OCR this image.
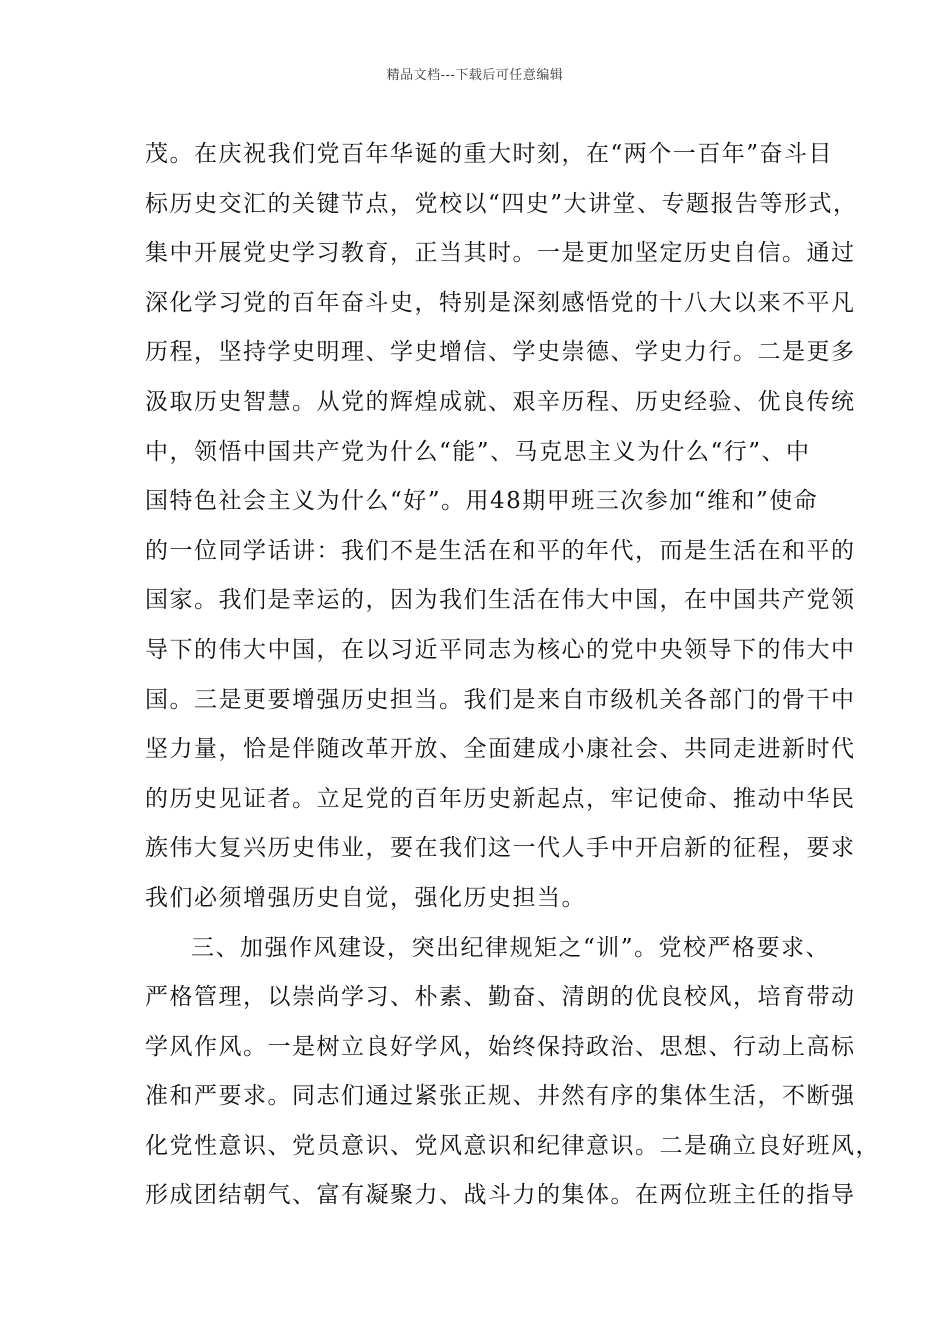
精品文档---下载后可任意编辑
茂。在庆祝我们党百年华诞的重大时刻，在“两个一百年”奋斗目
标历史交汇的关键节点，党校以“四史”大讲堂、专题报告等形式，
集中开展党史学习教育，正当其时。一是更加坚定历史自信。通过
深化学习党的百年奋斗史，特别是深刻感悟党的十八大以来不平凡
历程，坚持学史明理、学史增信、学史崇德、学史力行。二是更多
汲取历史智慧。从党的辉煌成就、艰辛历程、历史经验、优良传统
中，领悟中国共产党为什么“能”、马克思主义为什么“行”、中
国特色社会主义为什么“好”。用48期甲班三次参加“维和”使命
的一位同学话讲：我们不是生活在和平的年代，而是生活在和平的
国家。我们是幸运的，因为我们生活在伟大中国，在中国共产党领
导下的伟大中国，在以习近平同志为核心的党中央领导下的伟大中
国。三是更要增强历史担当。我们是来自市级机关各部门的骨干中
坚力量，恰是伴随改革开放、全面建成小康社会、共同走进新时代
的历史见证者。立足党的百年历史新起点，牢记使命、推动中华民
族伟大复兴历史伟业，要在我们这一代人手中开启新的征程，要求
我们必须增强历史自觉，强化历史担当。
三、加强作风建设，突出纪律规矩之“训”。党校严格要求、
严格管理，以崇尚学习、朴素、勤奋、清朗的优良校风，培育带动
学风作风。一是树立良好学风，始终保持政治、思想、行动上高标
准和严要求。同志们通过紧张正规、井然有序的集体生活，不断强
化党性意识、党员意识、党风意识和纪律意识。二是确立良好班风，
形成团结朝气、富有凝聚力、战斗力的集体。在两位班主任的指导
